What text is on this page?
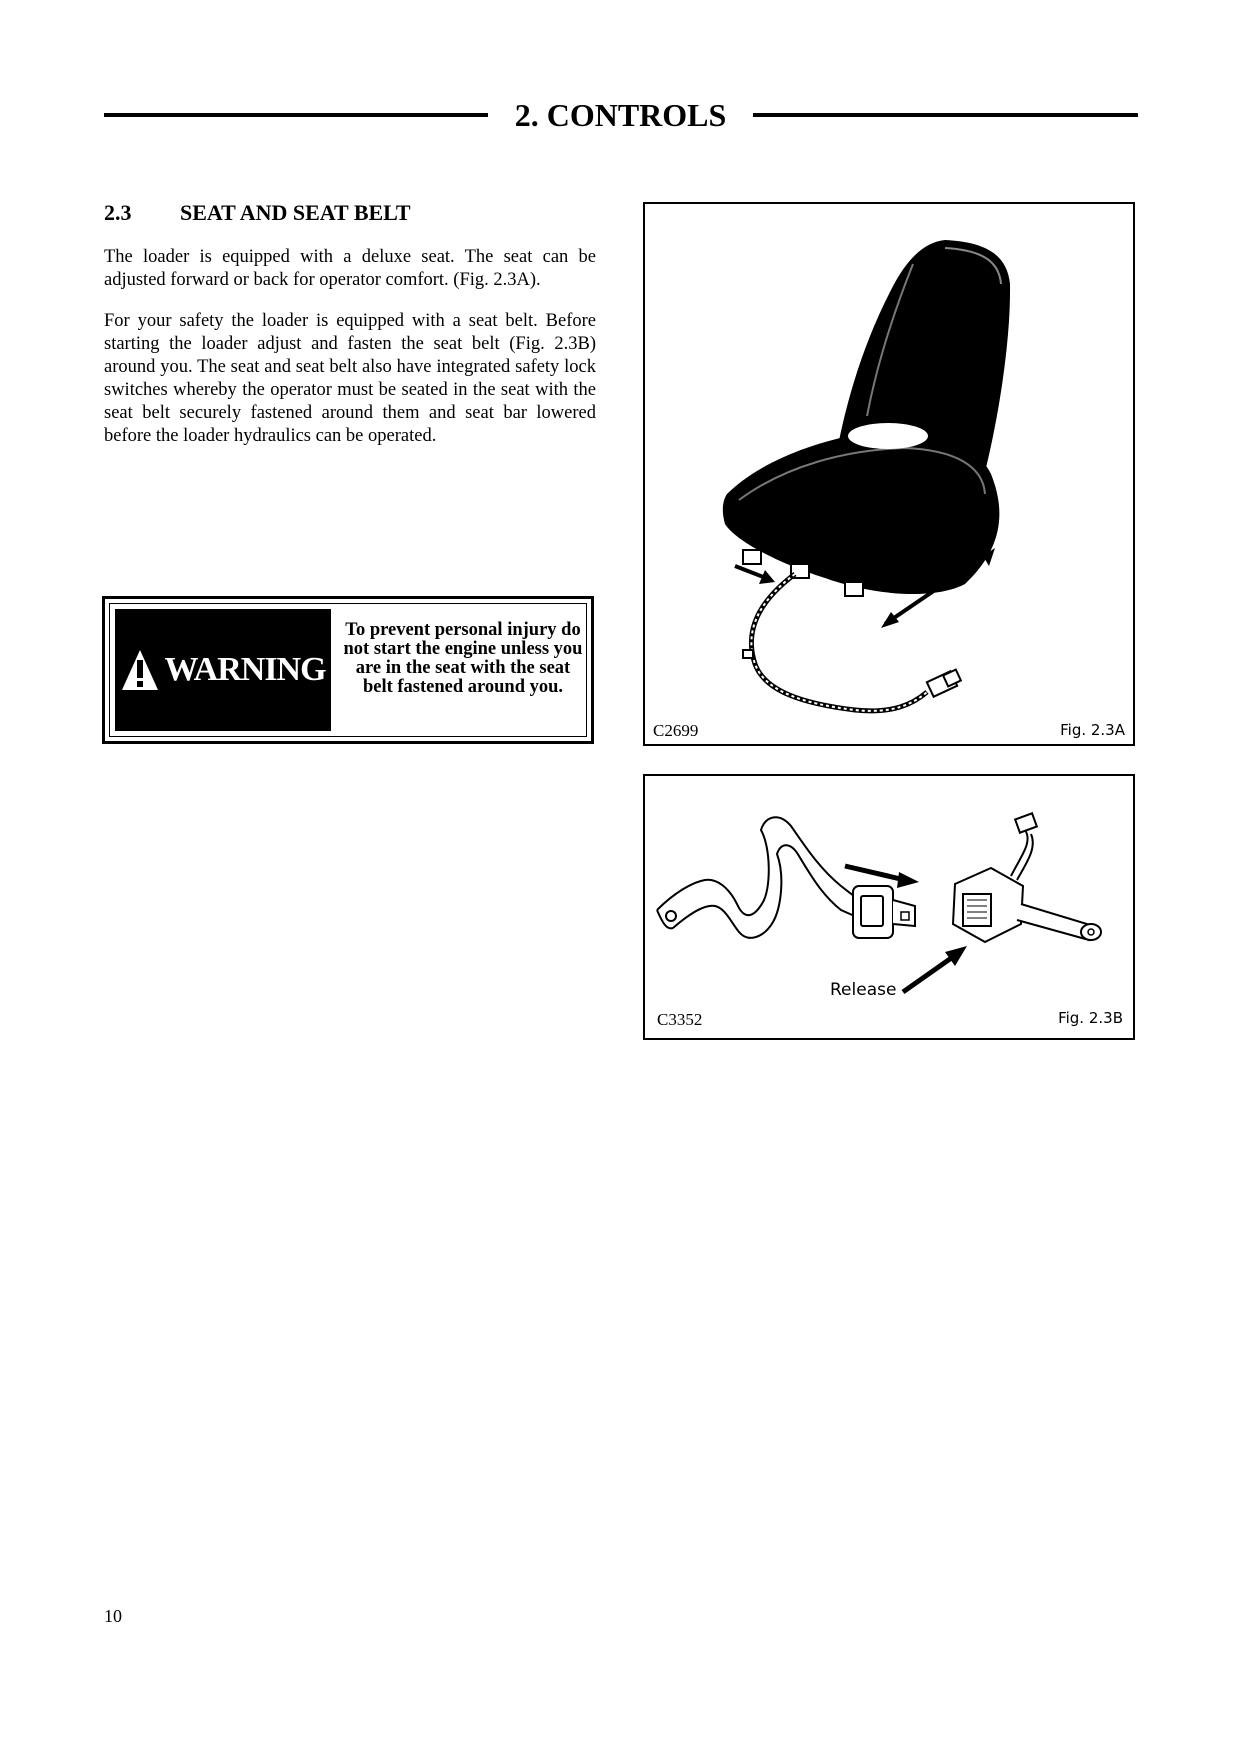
2. CONTROLS
2.3 SEAT AND SEAT BELT

The loader is equipped with a deluxe seat. The seat can be adjusted forward or back for operator comfort. (Fig. 2.3A).

For your safety the loader is equipped with a seat belt. Before starting the loader adjust and fasten the seat belt (Fig. 2.3B) around you. The seat and seat belt also have integrated safety lock switches whereby the operator must be seated in the seat with the seat belt securely fastened around them and seat bar lowered before the loader hydraulics can be operated.

WARNING
To prevent personal injury do not start the engine unless you are in the seat with the seat belt fastened around you.
C2699	Fig. 2.3A
Release
C3352	Fig. 2.3B
10
